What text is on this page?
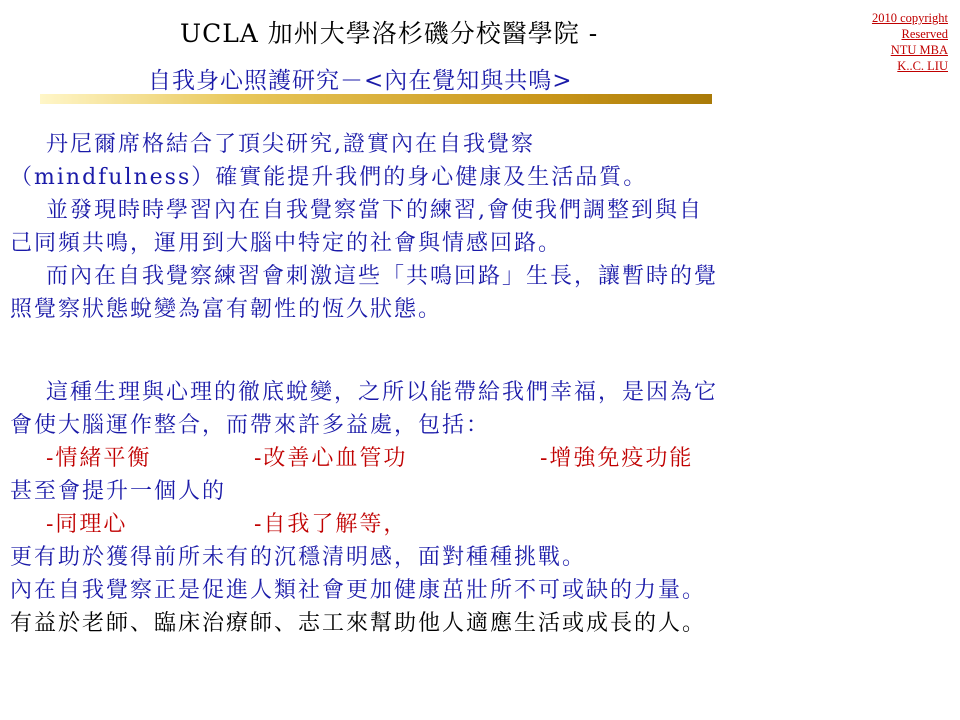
UCLA 加州大學洛杉磯分校醫學院 -
自我身心照護研究－<內在覺知與共鳴>
2010 copyright
Reserved
NTU MBA
K..C. LIU
丹尼爾席格結合了頂尖研究,證實內在自我覺察
（mindfulness）確實能提升我們的身心健康及生活品質。
並發現時時學習內在自我覺察當下的練習,會使我們調整到與自
己同頻共鳴，運用到大腦中特定的社會與情感回路。
而內在自我覺察練習會刺激這些「共鳴回路」生長，讓暫時的覺
照覺察狀態蛻變為富有韌性的恆久狀態。
這種生理與心理的徹底蛻變，之所以能帶給我們幸福，是因為它
會使大腦運作整合，而帶來許多益處，包括：
-情緒平衡	-改善心血管功	-增強免疫功能
甚至會提升一個人的
-同理心	-自我了解等，
更有助於獲得前所未有的沉穩清明感，面對種種挑戰。
內在自我覺察正是促進人類社會更加健康茁壯所不可或缺的力量。
有益於老師、臨床治療師、志工來幫助他人適應生活或成長的人。
